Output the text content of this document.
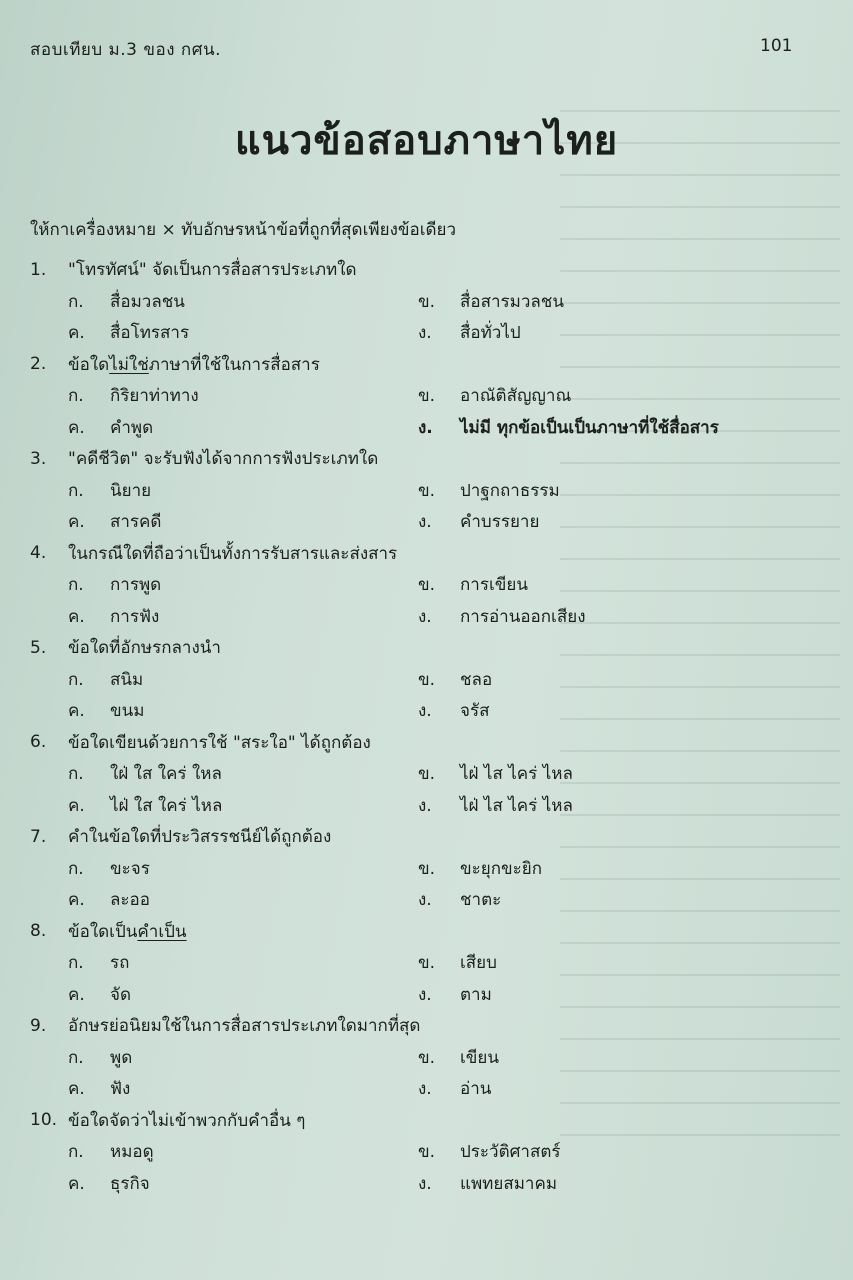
สอบเทียบ ม.3 ของ กศน.	101
แนวข้อสอบภาษาไทย
ให้กาเครื่องหมาย × ทับอักษรหน้าข้อที่ถูกที่สุดเพียงข้อเดียว
1.	"โทรทัศน์" จัดเป็นการสื่อสารประเภทใด
ก. สื่อมวลชน	ข. สื่อสารมวลชน
ค. สื่อโทรสาร	ง. สื่อทั่วไป
2.	ข้อใดไม่ใช่ภาษาที่ใช้ในการสื่อสาร
ก. กิริยาท่าทาง	ข. อาณัติสัญญาณ
ค. คำพูด	ง. ไม่มี ทุกข้อเป็นเป็นภาษาที่ใช้สื่อสาร
3.	"คดีชีวิต" จะรับฟังได้จากการฟังประเภทใด
ก. นิยาย	ข. ปาฐกถาธรรม
ค. สารคดี	ง. คำบรรยาย
4.	ในกรณีใดที่ถือว่าเป็นทั้งการรับสารและส่งสาร
ก. การพูด	ข. การเขียน
ค. การฟัง	ง. การอ่านออกเสียง
5.	ข้อใดที่อักษรกลางนำ
ก. สนิม	ข. ชลอ
ค. ขนม	ง. จรัส
6.	ข้อใดเขียนด้วยการใช้ "สระใอ" ได้ถูกต้อง
ก. ใฝ่ ใส ใคร่ ใหล	ข. ไฝ่ ไส ไคร่ ไหล
ค. ไฝ่ ใส ใคร่ ไหล	ง. ไฝ่ ไส ไคร่ ไหล
7.	คำในข้อใดที่ประวิสรรชนีย์ได้ถูกต้อง
ก. ขะจร	ข. ขะยุกขะยิก
ค. ละออ	ง. ชาตะ
8.	ข้อใดเป็นคำเป็น
ก. รถ	ข. เสียบ
ค. จัด	ง. ตาม
9.	อักษรย่อนิยมใช้ในการสื่อสารประเภทใดมากที่สุด
ก. พูด	ข. เขียน
ค. ฟัง	ง. อ่าน
10. ข้อใดจัดว่าไม่เข้าพวกกับคำอื่น ๆ
ก. หมอดู	ข. ประวัติศาสตร์
ค. ธุรกิจ	ง. แพทยสมาคม
